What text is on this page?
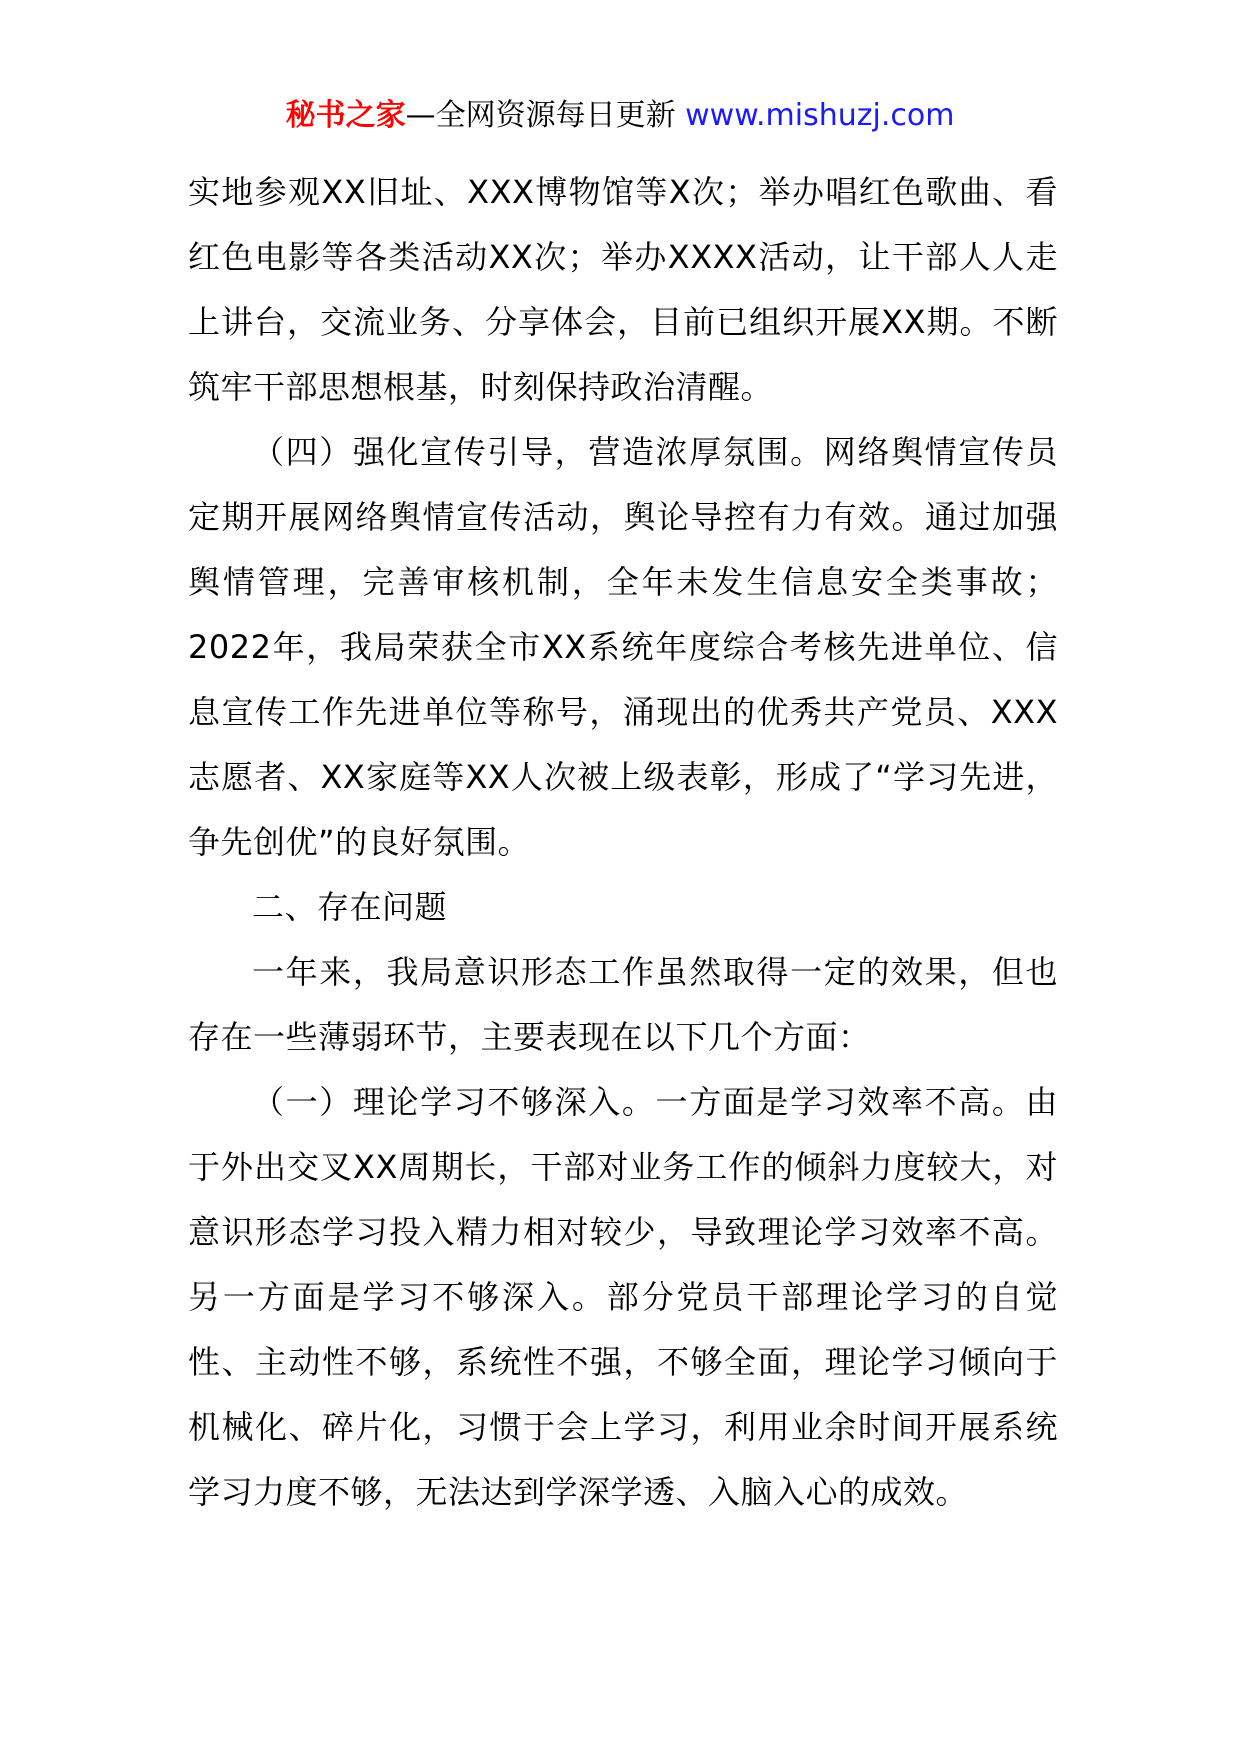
秘书之家—全网资源每日更新 www.mishuzj.com

实地参观XX旧址、XXX博物馆等X次；举办唱红色歌曲、看红色电影等各类活动XX次；举办XXXX活动，让干部人人走上讲台，交流业务、分享体会，目前已组织开展XX期。不断筑牢干部思想根基，时刻保持政治清醒。

（四）强化宣传引导，营造浓厚氛围。网络舆情宣传员定期开展网络舆情宣传活动，舆论导控有力有效。通过加强舆情管理，完善审核机制，全年未发生信息安全类事故；2022年，我局荣获全市XX系统年度综合考核先进单位、信息宣传工作先进单位等称号，涌现出的优秀共产党员、XXX志愿者、XX家庭等XX人次被上级表彰，形成了“学习先进，争先创优”的良好氛围。

二、存在问题

一年来，我局意识形态工作虽然取得一定的效果，但也存在一些薄弱环节，主要表现在以下几个方面：

（一）理论学习不够深入。一方面是学习效率不高。由于外出交叉XX周期长，干部对业务工作的倾斜力度较大，对意识形态学习投入精力相对较少，导致理论学习效率不高。另一方面是学习不够深入。部分党员干部理论学习的自觉性、主动性不够，系统性不强，不够全面，理论学习倾向于机械化、碎片化，习惯于会上学习，利用业余时间开展系统学习力度不够，无法达到学深学透、入脑入心的成效。
